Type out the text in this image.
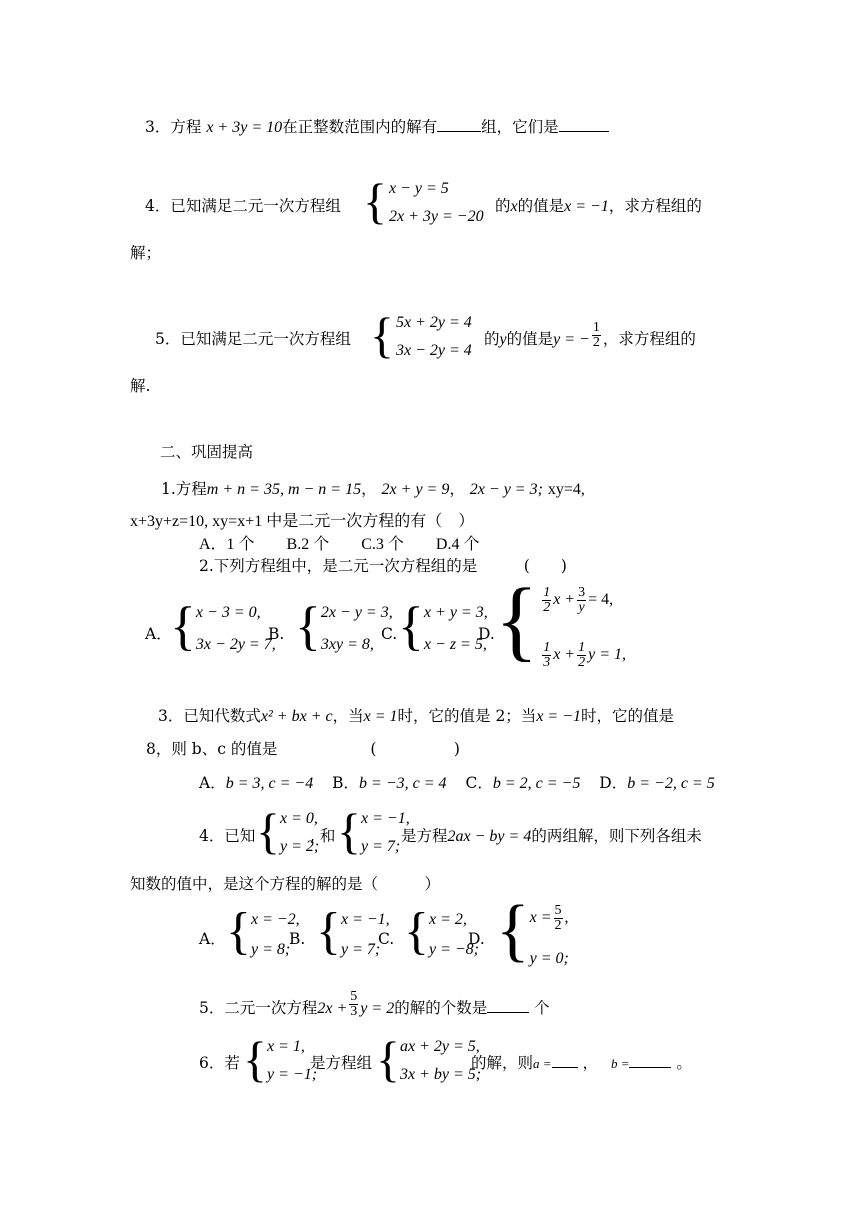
3．方程 x + 3y = 10在正整数范围内的解有	组，它们是
4．已知满足二元一次方程组 { x − y = 5
2x + 3y = −20
的x的值是x = −1，求方程组的
解；
5．已知满足二元一次方程组 { 5x + 2y = 4
3x − 2y = 4
的y的值是y = − $\frac{1}{2}$ ，求方程组的
解.
二、巩固提高
1.方程m + n = 35, m − n = 15， 2x + y = 9， 2x − y = 3; xy=4,
x+3y+z=10, xy=x+1 中是二元一次方程的有（　）
A．1 个　　B.2 个　　C.3 个　　D.4 个
2.下列方程组中，是二元一次方程组的是　　　(　　)
A．
{ x − 3 = 0,
3x − 2y = 7,
B. { 2x − y = 3,
3xy = 8,
C. { x + y = 3,
x − z = 5,
D. { $\frac{1}{2}$ $x + \frac{3}{y} = 4$,
$\frac{1}{3}$ $x + \frac{1}{2}$ y = 1,
3．已知代数式x² + bx + c，当x = 1时，它的值是 2；当x = −1时，它的值是
8，则 b、c 的值是　　　　　　(　　　　　)
A．b = 3, c = −4 B．b = −3, c = 4 C．b = 2, c = −5 D．b = −2, c = 5
4．已知 { x = 0,
y = 2;
, 和 { x = −1,
y = 7;
是方程2ax − by = 4的两组解，则下列各组未
知数的值中，是这个方程的解的是（　　　）
A． { x = −2,
y = 8;
B. { x = −1,
y = 7;
C. { x = 2,
y = −8;
D. { $x = \frac{5}{2}$ ,
y = 0;
5．二元一次方程$2x + \frac{5}{3}$ y = 2的解的个数是	个
6．若 { x = 1,
y = −1;
是方程组 { ax + 2y = 5,
3x + by = 5;
的解，则a = ， b =	。
